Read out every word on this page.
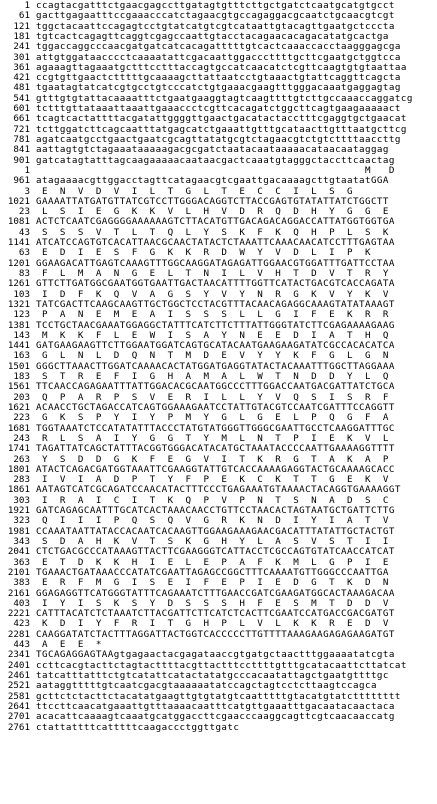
1 ccagtacgatttctgaacgagccttgatagtgtttcttgctgatctcaatgcatgtgcct
61 gacttgagaatttccgaaacccatctagaacgtgccagaggacgcaatctgcaacgtcgt
121 tggctacaattccagagtcctgtatcatgtcgtcataattgtacagttgaatgctcccta
181 tgtcactcagagttcaggtcgagccaattgtacctacagaacacagacatatgcactga
241 tggaccaggcccaacgatgatcatcacagatttttgtcactcaaaccacctaagggagcga
301 attgtggataacccctcaaaatattcgacaattggacccttttgcttcgaatgctggtcca
361 agaaagttagaaatgctttcctttaccagtgccatcaacatctcgttcaagtgtgtaattaa
421 ccgtgttgaactctttttgcaaaagcttattaatcctgtaaactgtattcaggttcagcta
481 tgaatagtatcatcgtgcctgtcccatctgtgaaacgaagtttgggacaaatgaggagtag
541 gtttgtgtattacaaaatttctgaatgaaggtagtcaagttttgtcttgccaaaccaggatcg
601 tctttgttataaattaaattgaaaccctcgttcacagatctggcttcagtgaagaaaaact
661 tcagtcactattttacgatattggggttgaactgacatactacctttcgaggtgctgaacat
721 tcttggatcttcagcaatttatgagcatctgaaattgtttgcataacttgtttaatgcttcg
781 agatcaatgcctgaactgaatcgcagttatatgcgtctagaacgtctgtcttttaaccttg
841 aattagtgtctagaaataaaaagacgcgatctaatacaataaaaacataacaataggag
901 gatcatagtatttagcaagaaaaacaataacgactcaaatgtagggctaccttcaactag
1                                                       M   D
961 atagaaaacgttggacctagttcatagaacgtcgaattgacaaaagcttgtaatatGGA
3 E  N  V  D  V  I  L  T  G  L  T  E  C  C  I  L  S  G
1021 GAAAATTATGATGTTATCGTCCTTGGGACAGGTCTTACCGAGTGTATATTATCTGGCTT
23 L  S  I  E  G  K  K  V  L  H  V  D  R  Q  D  H  Y  G  G  E
1081 ACTCTCAATCGAGGGGAAAAAAGTCTTACATGTTGACAGACAGGACCATTATGGTGGTGA
43 S  S  S  V  T  L  T  Q  L  Y  S  K  F  K  Q  H  P  L  S  K
1141 ATCATCCAGTGTCACATTAACGCAACTATACTCTAAATTCAAACAACATCCTTTGAGTAA
63 E  D  I  E  S  F  G  K  K  R  D  W  Y  V  D  L  I  P  K
1201 GGAAGACATTGAGTCAAAGTTTGGCAAGGATAGAGATTGGAACGTGGATTTGATTCCTAA
83 F  L  M  A  N  G  E  L  T  N  I  L  V  H  T  D  V  T  R  Y
1261 GTTCTTGATGGCGAATGGTGAATTGACTAACATTTTGGTTCATACTGACGTCACCAGATA
103 I  D  F  K  Q  V  A  G  S  Y  V  Y  N  R  G  K  V  Y  K  V
1321 TATCGACTTCAAGCAAGTTGCTGGCTCCTACGTTTACAACAGAGGCAAAGTATATAAAGT
123 P  A  N  E  M  E  A  I  S  S  S  L  L  G  I  F  E  K  R  R
1381 TCCTGCTAACGAAATGGAGGCTATTTCATCTTCTTTATTGGGTATCTTCGAGAAAAGAAG
143 M  K  K  F  L  E  W  I  S  A  Y  N  E  E  D  I  A  T  H  Q
1441 GATGAAGAAGTTCTTGGAATGGATCAGTGCATACAATGAAGAAGATATCGCCACACATCA
163 G  L  N  L  D  Q  N  T  M  D  E  V  Y  Y  K  F  G  L  G  N
1501 GGGCTTAAACTTGGATCAAAACACTATGGATGAGGTATACTACAAATTTGGCTTAGGAAA
183 S  T  R  E  F  I  G  H  A  M  A  L  W  T  N  D  D  Y  L  Q
1561 TTCAACCAGAGAATTTATTGGACACGCAATGGCCCTTTGGACCAATGACGATTATCTGCA
203 Q  P  A  R  P  S  V  E  R  I  L  L  Y  V  Q  S  I  S  R  F
1621 ACAACCTGCTAGACCATCAGTGGAAAGAATCCTATTGTACGTCCAATCGATTTCCAGGTT
223 G  K  S  P  Y  I  Y  P  M  Y  G  L  G  E  L  P  Q  G  F  A
1681 TGGTAAATCTCCATATATTTACCCTATGTATGGGTTGGGCGAATTGCCTCAAGGATTTGC
243 R  L  S  A  I  Y  G  G  T  Y  M  L  N  T  P  I  E  K  V  L
1741 TAGATTATCAGCTATTTACGGTGGGACATACATGCTAAATACCCCAATTGAAAAGGTTTT
263 Y  S  D  D  G  K  F  E  G  V  I  T  K  R  G  T  A  K  A  P
1801 ATACTCAGACGATGGTAAATTCGAAGGTATTGTCACCAAAAGAGGTACTGCAAAAGCACC
283 I  V  I  A  D  P  T  Y  F  P  E  K  C  K  T  T  G  E  K  V
1861 AATAGTCATCGCAGATCCAACATACTTTCCCTGAGAAATGTAAAACTACAGGTGAAAAGGT
303 I  R  A  I  C  I  T  K  Q  P  V  P  N  T  S  N  A  D  S  C
1921 GATCAGAGCAATTTGCATCACTAAACAACCTGTTCCTAACACTAGTAATGCTGATTCTTG
323 Q  I  I  I  P  Q  S  Q  V  G  R  K  N  D  I  Y  I  A  T  V
1981 CCAAATAATTATACCACAATCACAAGTTGGAAGAAAGAACGACATTTATATTGCTACTGT
343 S  D  A  H  K  V  T  S  K  G  H  Y  L  A  S  V  S  T  I  I
2041 CTCTGACGCCCATAAAGTTACTTCGAAGGGTCATTACCTCGCCAGTGTATCAACCATCAT
363 E  T  D  K  K  H  I  E  L  E  P  A  F  K  M  L  G  P  I  E
2101 TGAAACTGATAAACCCATATCGAATTAGAGCCGGCTTTCAAAATGTTGGGCCCAATTGA
383 E  R  F  M  G  I  S  E  I  F  E  P  I  E  D  G  T  K  D  N
2161 GGAGAGGTTCATGGGTATTTCAGAAATCTTTGAACCGATCGAAGATGGCACTAAAGACAA
403 I  Y  I  S  K  S  Y  D  S  S  S  H  F  E  S  M  T  D  D  V
2221 CATTTACATCTCTAAATCTTACGATTCTTCATCTCACTTCGAATCCATGACCGACGATGT
423 K  D  I  Y  F  R  I  T  G  H  P  L  V  L  K  K  R  E  D  V
2281 CAAGGATATCTACTTTAGGATTACTGGTCACCCCCTTGTTTTAAAGAAGAGAGAAGATGT
443 A  E  E  *
2341 TGCAGAGGAGTAAgtgagaactacgagataaccgtgatgctaactttggaaaatatcgta
2401 ccttcacgtacttctagtacttttacgttactttccttttgtttgcatacaattcttatcat
2461 tatcatttatttctgtcatattcatactatatgcccacaatattagctgaatgttttgc
2521 aataggtttttgtcaatcgacgtaaaaaatatccagctagtcctcttaagtccagca
2581 gcttctctacttctacatatgaagttgtgtatgtcaatttttgtacatgtatctttttttt
2641 ttccttcaacatgaaattgtttaaaacaatttcatgttgaaatttgacaatacaactaca
2701 acacattcaaaagtcaaatgcatggaccttcgaacccaaggcagttcgtcaacaaccatg
2761 ctattattttcatttttcaagaccctggttgatc
